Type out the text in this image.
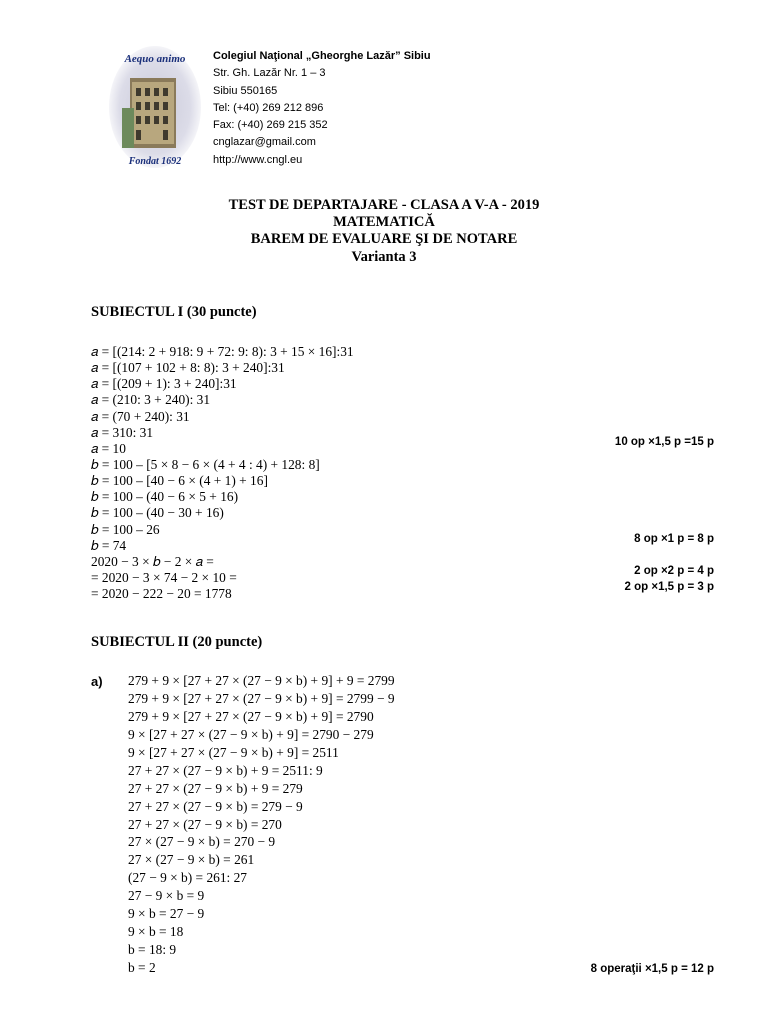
Aequo animo
Fondat 1692
Colegiul Naţional „Gheorghe Lazăr” Sibiu
Str. Gh. Lazăr Nr. 1 – 3
Sibiu 550165
Tel: (+40) 269 212 896
Fax: (+40) 269 215 352
cnglazar@gmail.com
http://www.cngl.eu
TEST DE DEPARTAJARE - CLASA A V-A - 2019
MATEMATICĂ
BAREM DE EVALUARE ŞI DE NOTARE
Varianta 3
SUBIECTUL I (30 puncte)
𝑎 = [(214: 2 + 918: 9 + 72: 9: 8): 3 + 15 × 16]:31
𝑎 = [(107 + 102 + 8: 8): 3 + 240]:31
𝑎 = [(209 + 1): 3 + 240]:31
𝑎 = (210: 3 + 240): 31
𝑎 = (70 + 240): 31
𝑎 = 310: 31
𝑎 = 10
𝑏 = 100 – [5 × 8 − 6 × (4 + 4 : 4) + 128: 8]
𝑏 = 100 – [40 − 6 × (4 + 1) + 16]
𝑏 = 100 – (40 − 6 × 5 + 16)
𝑏 = 100 – (40 − 30 + 16)
𝑏 = 100 – 26
𝑏 = 74
2020 − 3 × 𝑏 − 2 × 𝑎 =
= 2020 − 3 × 74 − 2 × 10 =
= 2020 − 222 − 20 = 1778
10 op ×1,5 p =15 p
8 op ×1 p = 8 p
2 op ×2 p = 4 p
2 op ×1,5 p = 3 p
SUBIECTUL II (20 puncte)
a) 279 + 9 × [27 + 27 × (27 − 9 × b) + 9] + 9 = 2799
279 + 9 × [27 + 27 × (27 − 9 × b) + 9] = 2799 − 9
279 + 9 × [27 + 27 × (27 − 9 × b) + 9] = 2790
9 × [27 + 27 × (27 − 9 × b) + 9] = 2790 − 279
9 × [27 + 27 × (27 − 9 × b) + 9] = 2511
27 + 27 × (27 − 9 × b) + 9 = 2511: 9
27 + 27 × (27 − 9 × b) + 9 = 279
27 + 27 × (27 − 9 × b) = 279 − 9
27 + 27 × (27 − 9 × b) = 270
27 × (27 − 9 × b) = 270 − 9
27 × (27 − 9 × b) = 261
(27 − 9 × b) = 261: 27
27 − 9 × b = 9
9 × b = 27 − 9
9 × b = 18
b = 18: 9
b = 2	8 operaţii ×1,5 p = 12 p
